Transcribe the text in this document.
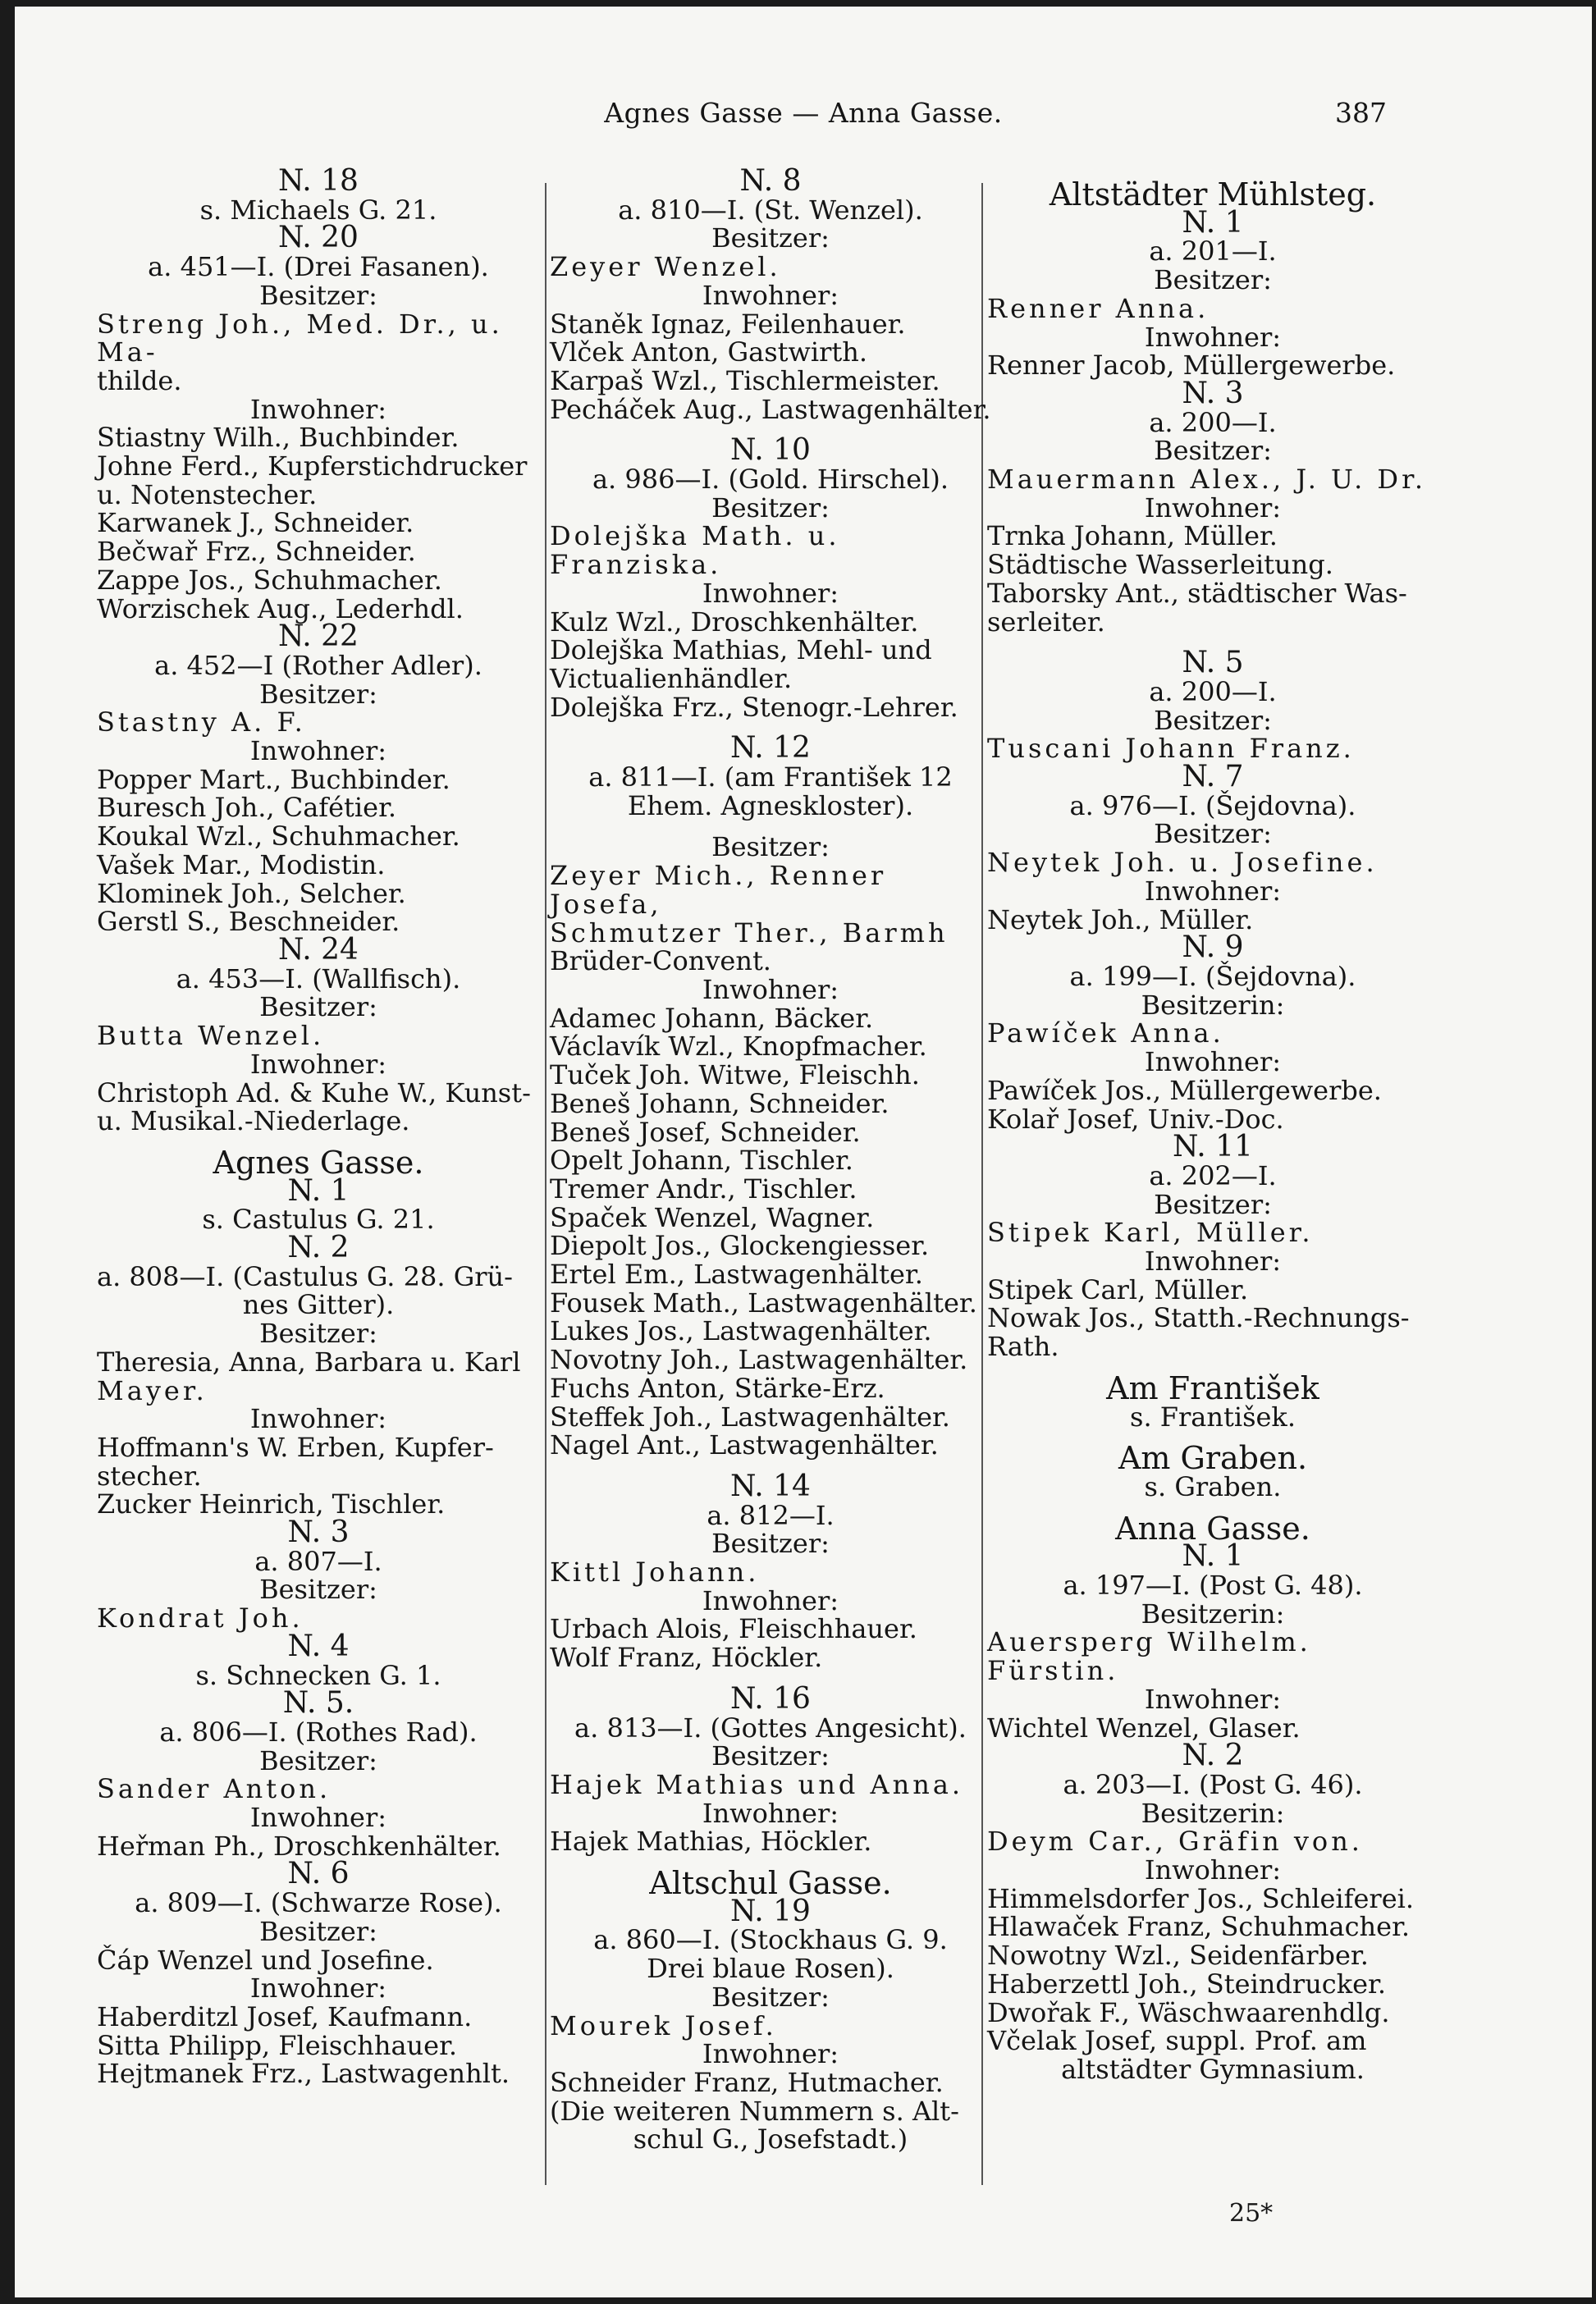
Agnes Gasse — Anna Gasse.	387
N. 18
s. Michaels G. 21.
N. 20
a. 451—I. (Drei Fasanen).
Besitzer:
Streng Joh., Med. Dr., u. Ma-
thilde.
Inwohner:
Stiastny Wilh., Buchbinder.
Johne Ferd., Kupferstichdrucker
u. Notenstecher.
Karwanek J., Schneider.
Bečwař Frz., Schneider.
Zappe Jos., Schuhmacher.
Worzischek Aug., Lederhdl.
N. 22
a. 452—I (Rother Adler).
Besitzer:
Stastny A. F.
Inwohner:
Popper Mart., Buchbinder.
Buresch Joh., Cafétier.
Koukal Wzl., Schuhmacher.
Vašek Mar., Modistin.
Klominek Joh., Selcher.
Gerstl S., Beschneider.
N. 24
a. 453—I. (Wallfisch).
Besitzer:
Butta Wenzel.
Inwohner:
Christoph Ad. & Kuhe W., Kunst-
u. Musikal.-Niederlage.
Agnes Gasse.
N. 1
s. Castulus G. 21.
N. 2
a. 808—I. (Castulus G. 28. Grü-
nes Gitter).
Besitzer:
Theresia, Anna, Barbara u. Karl
Mayer.
Inwohner:
Hoffmann's W. Erben, Kupfer-
stecher.
Zucker Heinrich, Tischler.
N. 3
a. 807—I.
Besitzer:
Kondrat Joh.
N. 4
s. Schnecken G. 1.
N. 5.
a. 806—I. (Rothes Rad).
Besitzer:
Sander Anton.
Inwohner:
Heřman Ph., Droschkenhälter.
N. 6
a. 809—I. (Schwarze Rose).
Besitzer:
Čáp Wenzel und Josefine.
Inwohner:
Haberditzl Josef, Kaufmann.
Sitta Philipp, Fleischhauer.
Hejtmanek Frz., Lastwagenhlt.
N. 8
a. 810—I. (St. Wenzel).
Besitzer:
Zeyer Wenzel.
Inwohner:
Staněk Ignaz, Feilenhauer.
Vlček Anton, Gastwirth.
Karpaš Wzl., Tischlermeister.
Pecháček Aug., Lastwagenhälter.
N. 10
a. 986—I. (Gold. Hirschel).
Besitzer:
Dolejška Math. u. Franziska.
Inwohner:
Kulz Wzl., Droschkenhälter.
Dolejška Mathias, Mehl- und
Victualienhändler.
Dolejška Frz., Stenogr.-Lehrer.
N. 12
a. 811—I. (am František 12
Ehem. Agneskloster).
Besitzer:
Zeyer Mich., Renner Josefa,
Schmutzer Ther., Barmh
Brüder-Convent.
Inwohner:
Adamec Johann, Bäcker.
Václavík Wzl., Knopfmacher.
Tuček Joh. Witwe, Fleischh.
Beneš Johann, Schneider.
Beneš Josef, Schneider.
Opelt Johann, Tischler.
Tremer Andr., Tischler.
Spaček Wenzel, Wagner.
Diepolt Jos., Glockengiesser.
Ertel Em., Lastwagenhälter.
Fousek Math., Lastwagenhälter.
Lukes Jos., Lastwagenhälter.
Novotny Joh., Lastwagenhälter.
Fuchs Anton, Stärke-Erz.
Steffek Joh., Lastwagenhälter.
Nagel Ant., Lastwagenhälter.
N. 14
a. 812—I.
Besitzer:
Kittl Johann.
Inwohner:
Urbach Alois, Fleischhauer.
Wolf Franz, Höckler.
N. 16
a. 813—I. (Gottes Angesicht).
Besitzer:
Hajek Mathias und Anna.
Inwohner:
Hajek Mathias, Höckler.
Altschul Gasse.
N. 19
a. 860—I. (Stockhaus G. 9.
Drei blaue Rosen).
Besitzer:
Mourek Josef.
Inwohner:
Schneider Franz, Hutmacher.
(Die weiteren Nummern s. Alt-
schul G., Josefstadt.)
Altstädter Mühlsteg.
N. 1
a. 201—I.
Besitzer:
Renner Anna.
Inwohner:
Renner Jacob, Müllergewerbe.
N. 3
a. 200—I.
Besitzer:
Mauermann Alex., J. U. Dr.
Inwohner:
Trnka Johann, Müller.
Städtische Wasserleitung.
Taborsky Ant., städtischer Was-
serleiter.
N. 5
a. 200—I.
Besitzer:
Tuscani Johann Franz.
N. 7
a. 976—I. (Šejdovna).
Besitzer:
Neytek Joh. u. Josefine.
Inwohner:
Neytek Joh., Müller.
N. 9
a. 199—I. (Šejdovna).
Besitzerin:
Pawíček Anna.
Inwohner:
Pawíček Jos., Müllergewerbe.
Kolař Josef, Univ.-Doc.
N. 11
a. 202—I.
Besitzer:
Stipek Karl, Müller.
Inwohner:
Stipek Carl, Müller.
Nowak Jos., Statth.-Rechnungs-
Rath.
Am František
s. František.
Am Graben.
s. Graben.
Anna Gasse.
N. 1
a. 197—I. (Post G. 48).
Besitzerin:
Auersperg Wilhelm. Fürstin.
Inwohner:
Wichtel Wenzel, Glaser.
N. 2
a. 203—I. (Post G. 46).
Besitzerin:
Deym Car., Gräfin von.
Inwohner:
Himmelsdorfer Jos., Schleiferei.
Hlawaček Franz, Schuhmacher.
Nowotny Wzl., Seidenfärber.
Haberzettl Joh., Steindrucker.
Dwořak F., Wäschwaarenhdlg.
Včelak Josef, suppl. Prof. am
altstädter Gymnasium.
25*
